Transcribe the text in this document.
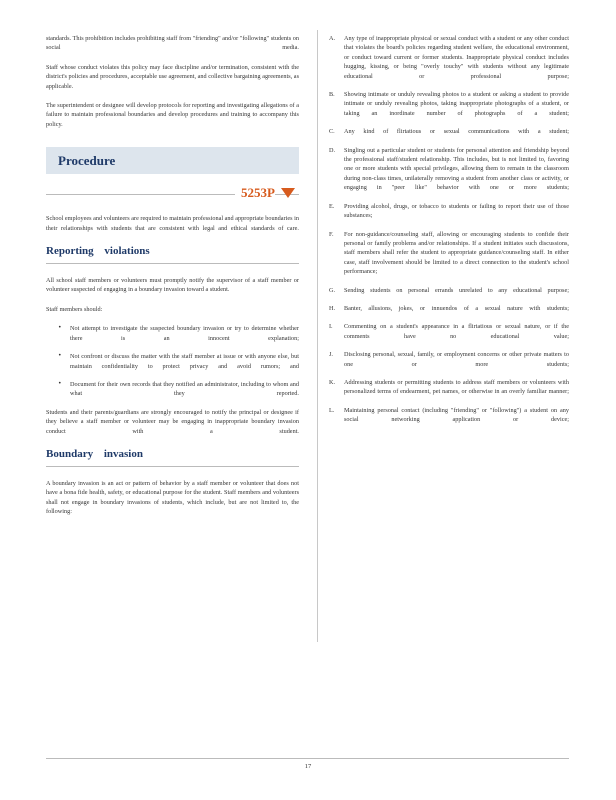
standards. This prohibition includes prohibiting staff from "friending" and/or "following" students on social media.

Staff whose conduct violates this policy may face discipline and/or termination, consistent with the district's policies and procedures, acceptable use agreement, and collective bargaining agreements, as applicable.

The superintendent or designee will develop protocols for reporting and investigating allegations of a failure to maintain professional boundaries and develop procedures and training to accompany this policy.

Procedure
5253P

School employees and volunteers are required to maintain professional and appropriate boundaries in their relationships with students that are consistent with legal and ethical standards of care.

Reporting violations

All school staff members or volunteers must promptly notify the supervisor of a staff member or volunteer suspected of engaging in a boundary invasion toward a student.

Staff members should:

• Not attempt to investigate the suspected boundary invasion or try to determine whether there is an innocent explanation;

• Not confront or discuss the matter with the staff member at issue or with anyone else, but maintain confidentiality to protect privacy and avoid rumors; and

• Document for their own records that they notified an administrator, including to whom and what they reported.

Students and their parents/guardians are strongly encouraged to notify the principal or designee if they believe a staff member or volunteer may be engaging in inappropriate boundary invasion conduct with a student.

Boundary invasion

A boundary invasion is an act or pattern of behavior by a staff member or volunteer that does not have a bona fide health, safety, or educational purpose for the student. Staff members and volunteers shall not engage in boundary invasions of students, which include, but are not limited to, the following:

A. Any type of inappropriate physical or sexual conduct with a student or any other conduct that violates the board's policies regarding student welfare, the educational environment, or conduct toward current or former students. Inappropriate physical conduct includes hugging, kissing, or being "overly touchy" with students without any legitimate educational or professional purpose;

B. Showing intimate or unduly revealing photos to a student or asking a student to provide intimate or unduly revealing photos, taking inappropriate photographs of a student, or taking an inordinate number of photographs of a student;

C. Any kind of flirtatious or sexual communications with a student;

D. Singling out a particular student or students for personal attention and friendship beyond the professional staff/student relationship. This includes, but is not limited to, favoring one or more students with special privileges, allowing them to remain in the classroom during non-class times, unilaterally removing a student from another class or activity, or engaging in "peer like" behavior with one or more students;

E. Providing alcohol, drugs, or tobacco to students or failing to report their use of those substances;

F. For non-guidance/counseling staff, allowing or encouraging students to confide their personal or family problems and/or relationships. If a student initiates such discussions, staff members shall refer the student to appropriate guidance/counseling staff. In either case, staff involvement should be limited to a direct connection to the student's school performance;

G. Sending students on personal errands unrelated to any educational purpose;

H. Banter, allusions, jokes, or innuendos of a sexual nature with students;

I. Commenting on a student's appearance in a flirtatious or sexual nature, or if the comments have no educational value;

J. Disclosing personal, sexual, family, or employment concerns or other private matters to one or more students;

K. Addressing students or permitting students to address staff members or volunteers with personalized terms of endearment, pet names, or otherwise in an overly familiar manner;

L. Maintaining personal contact (including "friending" or "following") a student on any social networking application or device;

17
